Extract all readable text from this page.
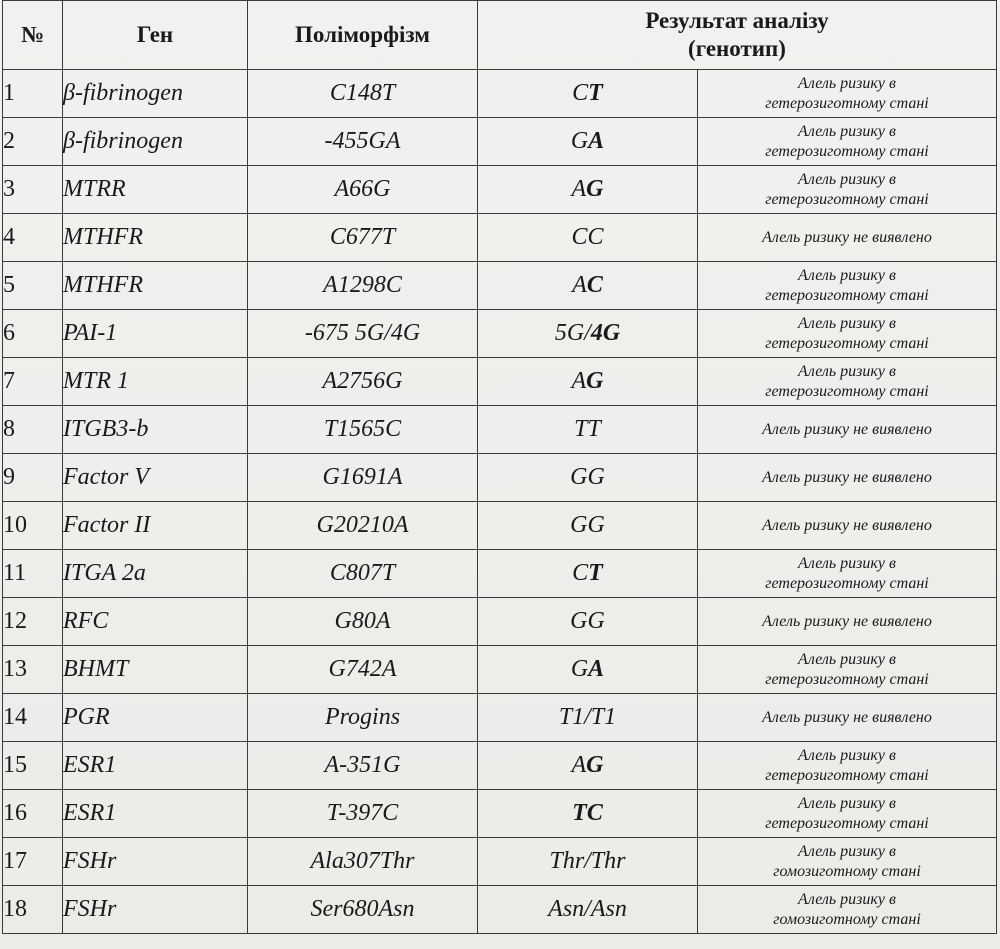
№	Ген	Поліморфізм	Результат аналізу
(генотип)	
1	β-fibrinogen	C148T	CT	Алель ризику в
гетерозиготному стані

2	β-fibrinogen	-455GA	GA	Алель ризику в
гетерозиготному стані

3	MTRR	A66G	AG	Алель ризику в
гетерозиготному стані

4	MTHFR	C677T	CC	Алель ризику не виявлено

5	MTHFR	A1298C	AC	Алель ризику в
гетерозиготному стані

6	PAI-1	-675 5G/4G	5G/4G	Алель ризику в
гетерозиготному стані

7	MTR 1	A2756G	AG	Алель ризику в
гетерозиготному стані

8	ITGB3-b	T1565C	TT	Алель ризику не виявлено

9	Factor V	G1691A	GG	Алель ризику не виявлено

10	Factor II	G20210A	GG	Алель ризику не виявлено

11	ITGA 2a	C807T	CT	Алель ризику в
гетерозиготному стані

12	RFC	G80A	GG	Алель ризику не виявлено

13	BHMT	G742A	GA	Алель ризику в
гетерозиготному стані

14	PGR	Progins	T1/T1	Алель ризику не виявлено

15	ESR1	A-351G	AG	Алель ризику в
гетерозиготному стані

16	ESR1	T-397C	TC	Алель ризику в
гетерозиготному стані

17	FSHr	Ala307Thr	Thr/Thr	Алель ризику в
гомозиготному стані

18	FSHr	Ser680Asn	Asn/Asn	Алель ризику в
гомозиготному стані
